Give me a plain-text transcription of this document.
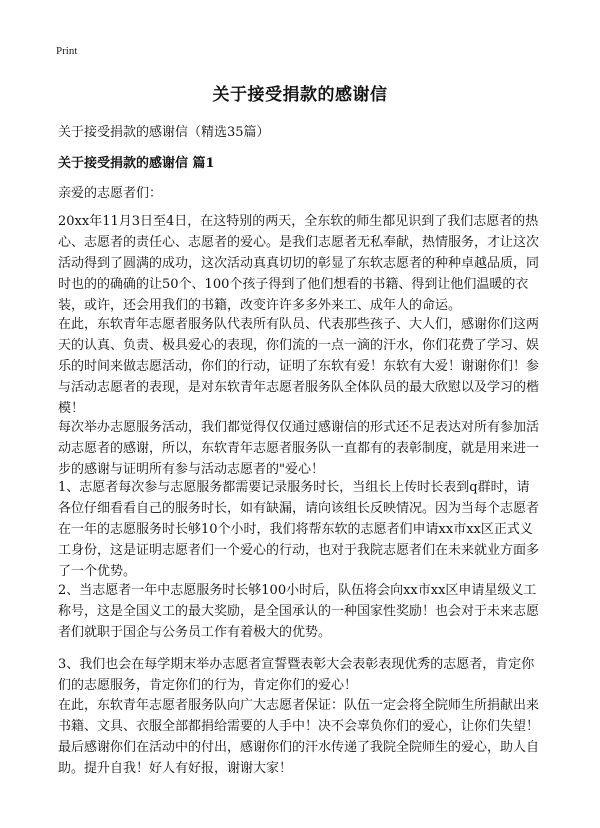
Print
关于接受捐款的感谢信
关于接受捐款的感谢信（精选35篇）
关于接受捐款的感谢信 篇1
亲爱的志愿者们：
20xx年11月3日至4日，在这特别的两天，全东软的师生都见识到了我们志愿者的热心、志愿者的责任心、志愿者的爱心。是我们志愿者无私奉献，热情服务，才让这次活动得到了圆满的成功，这次活动真真切切的彰显了东软志愿者的种种卓越品质，同时也的的确确的让50个、100个孩子得到了他们想看的书籍、得到让他们温暖的衣装，或许，还会用我们的书籍，改变许许多多外来工、成年人的命运。
在此，东软青年志愿者服务队代表所有队员、代表那些孩子、大人们，感谢你们这两天的认真、负责、极具爱心的表现，你们流的一点一滴的汗水，你们花费了学习、娱乐的时间来做志愿活动，你们的行动，证明了东软有爱！东软有大爱！谢谢你们！参与活动志愿者的表现，是对东软青年志愿者服务队全体队员的最大欣慰以及学习的楷模！
每次举办志愿服务活动，我们都觉得仅仅通过感谢信的形式还不足表达对所有参加活动志愿者的感谢，所以，东软青年志愿者服务队一直都有的表彰制度，就是用来进一步的感谢与证明所有参与活动志愿者的"爱心！
1、志愿者每次参与志愿服务都需要记录服务时长，当组长上传时长表到q群时，请各位仔细看看自己的服务时长，如有缺漏，请向该组长反映情况。因为当每个志愿者在一年的志愿服务时长够10个小时，我们将帮东软的志愿者们申请xx市xx区正式义工身份，这是证明志愿者们一个爱心的行动，也对于我院志愿者们在未来就业方面多了一个优势。
2、当志愿者一年中志愿服务时长够100小时后，队伍将会向xx市xx区申请星级义工称号，这是全国义工的最大奖励，是全国承认的一种国家性奖励！也会对于未来志愿者们就职于国企与公务员工作有着极大的优势。
3、我们也会在每学期末举办志愿者宣誓暨表彰大会表彰表现优秀的志愿者，肯定你们的志愿服务，肯定你们的行为，肯定你们的爱心！
在此，东软青年志愿者服务队向广大志愿者保证：队伍一定会将全院师生所捐献出来书籍、文具、衣服全部都捐给需要的人手中！决不会辜负你们的爱心，让你们失望！最后感谢你们在活动中的付出，感谢你们的汗水传递了我院全院师生的爱心，助人自助。提升自我！好人有好报，谢谢大家！
